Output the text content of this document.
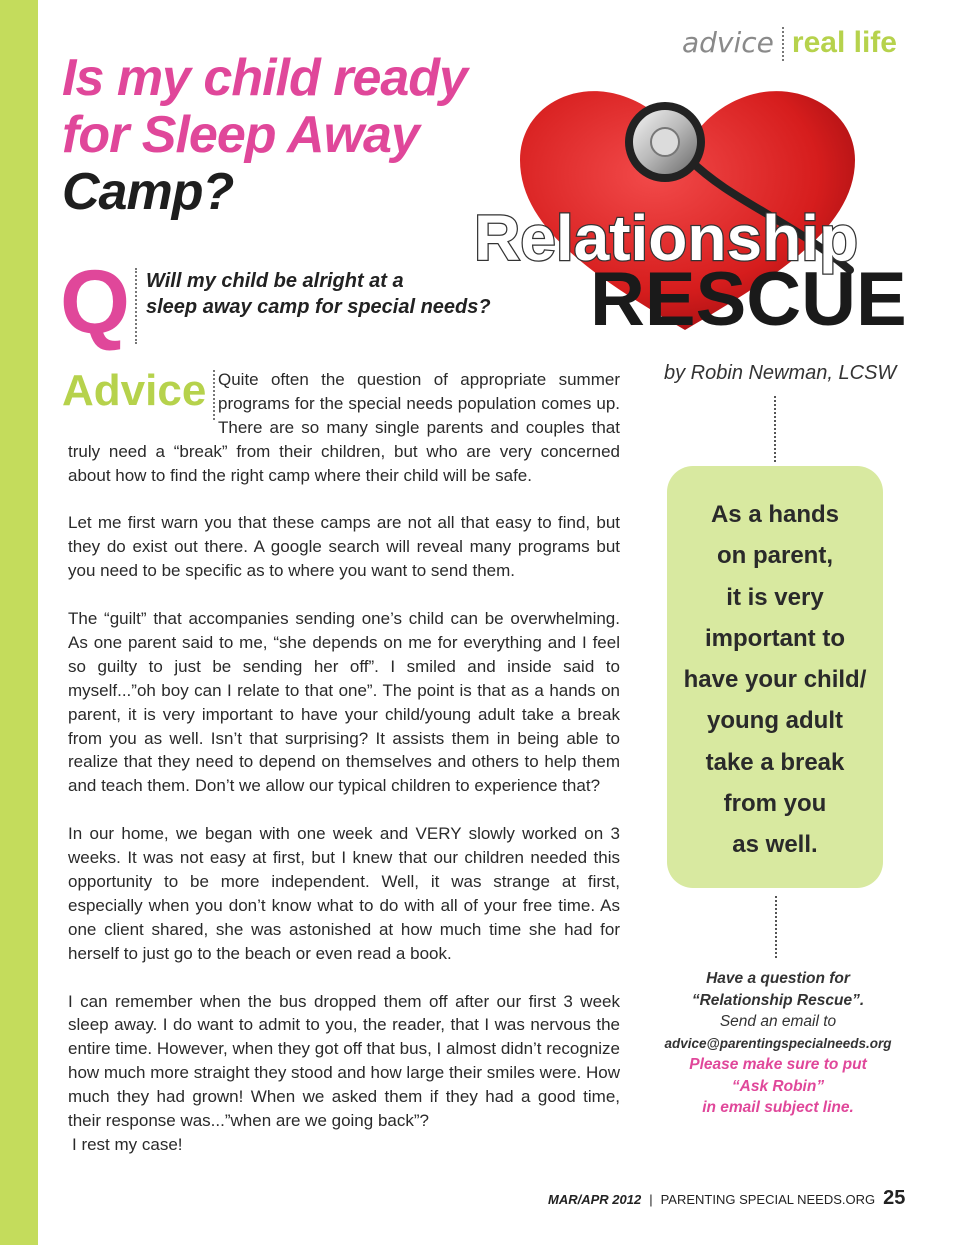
advice real life
Is my child ready
for Sleep Away
Camp?
Relationship
RESCUE
Q Will my child be alright at a
sleep away camp for special needs?
by Robin Newman, LCSW
As a hands
on parent,
it is very
important to
have your child/
young adult
take a break
from you
as well.
Have a question for
“Relationship Rescue”.
Send an email to
advice@parentingspecialneeds.org
Please make sure to put
“Ask Robin”
in email subject line.
Advice Quite often the question of appropriate summer programs for the special needs population comes up. There are so many single parents and couples that truly need a “break” from their children, but who are very concerned about how to find the right camp where their child will be safe.

Let me first warn you that these camps are not all that easy to find, but they do exist out there. A google search will reveal many programs but you need to be specific as to where you want to send them.

The “guilt” that accompanies sending one’s child can be overwhelming. As one parent said to me, “she depends on me for everything and I feel so guilty to just be sending her off”. I smiled and inside said to myself...”oh boy can I relate to that one”. The point is that as a hands on parent, it is very important to have your child/young adult take a break from you as well. Isn’t that surprising? It assists them in being able to realize that they need to depend on themselves and others to help them and teach them. Don’t we allow our typical children to experience that?

In our home, we began with one week and VERY slowly worked on 3 weeks. It was not easy at first, but I knew that our children needed this opportunity to be more independent. Well, it was strange at first, especially when you don’t know what to do with all of your free time. As one client shared, she was astonished at how much time she had for herself to just go to the beach or even read a book.

I can remember when the bus dropped them off after our first 3 week sleep away. I do want to admit to you, the reader, that I was nervous the entire time. However, when they got off that bus, I almost didn’t recognize how much more straight they stood and how large their smiles were. How much they had grown! When we asked them if they had a good time, their response was...”when are we going back”?

I rest my case!

MAR/APR 2012 | PARENTING SPECIAL NEEDS.ORG 25
